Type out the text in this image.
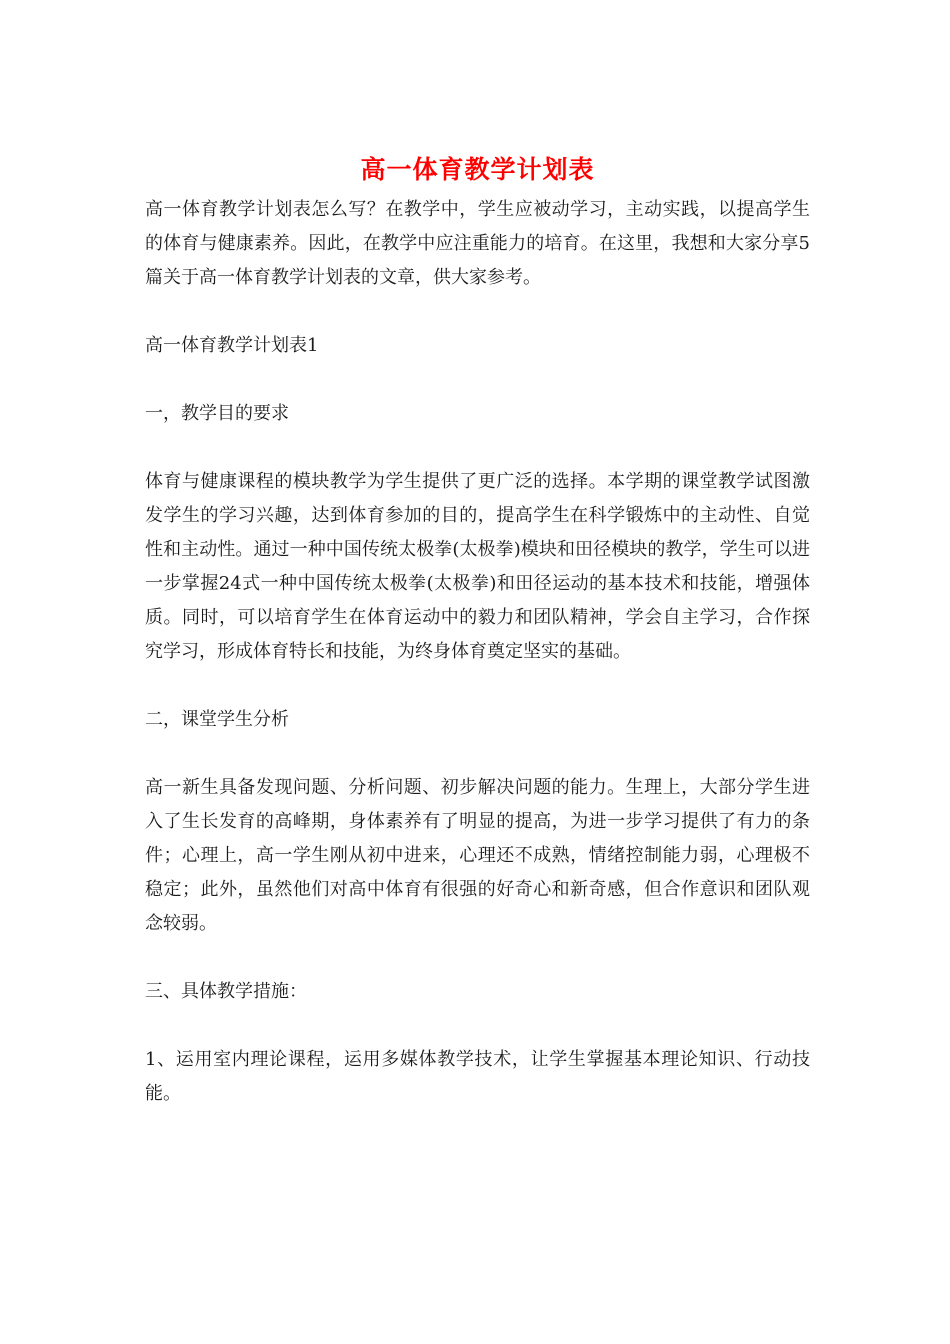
高一体育教学计划表

高一体育教学计划表怎么写？在教学中，学生应被动学习，主动实践，以提高学生的体育与健康素养。因此，在教学中应注重能力的培育。在这里，我想和大家分享5篇关于高一体育教学计划表的文章，供大家参考。

高一体育教学计划表1

一，教学目的要求

体育与健康课程的模块教学为学生提供了更广泛的选择。本学期的课堂教学试图激发学生的学习兴趣，达到体育参加的目的，提高学生在科学锻炼中的主动性、自觉性和主动性。通过一种中国传统太极拳(太极拳)模块和田径模块的教学，学生可以进一步掌握24式一种中国传统太极拳(太极拳)和田径运动的基本技术和技能，增强体质。同时，可以培育学生在体育运动中的毅力和团队精神，学会自主学习，合作探究学习，形成体育特长和技能，为终身体育奠定坚实的基础。

二，课堂学生分析

高一新生具备发现问题、分析问题、初步解决问题的能力。生理上，大部分学生进入了生长发育的高峰期，身体素养有了明显的提高，为进一步学习提供了有力的条件；心理上，高一学生刚从初中进来，心理还不成熟，情绪控制能力弱，心理极不稳定；此外，虽然他们对高中体育有很强的好奇心和新奇感，但合作意识和团队观念较弱。

三、具体教学措施：

1、运用室内理论课程，运用多媒体教学技术，让学生掌握基本理论知识、行动技能。
